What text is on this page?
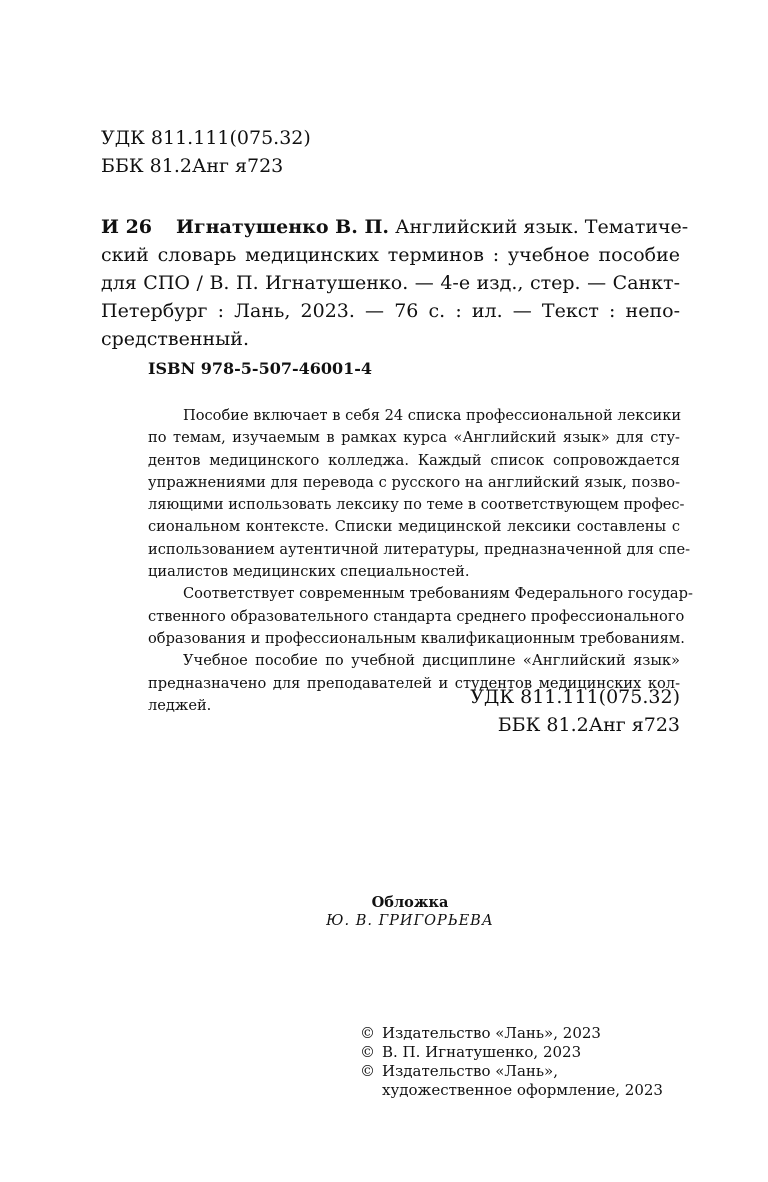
УДК 811.111(075.32)
ББК 81.2Анг я723
И 26 Игнатушенко В. П. Английский язык. Тематиче-
ский словарь медицинских терминов : учебное пособие
для СПО / В. П. Игнатушенко. — 4-е изд., стер. — Санкт-
Петербург : Лань, 2023. — 76 с. : ил. — Текст : непо-
средственный.
ISBN 978-5-507-46001-4
Пособие включает в себя 24 списка профессиональной лексики
по темам, изучаемым в рамках курса «Английский язык» для сту-
дентов медицинского колледжа. Каждый список сопровождается
упражнениями для перевода с русского на английский язык, позво-
ляющими использовать лексику по теме в соответствующем профес-
сиональном контексте. Списки медицинской лексики составлены с
использованием аутентичной литературы, предназначенной для спе-
циалистов медицинских специальностей.
Соответствует современным требованиям Федерального государ-
ственного образовательного стандарта среднего профессионального
образования и профессиональным квалификационным требованиям.
Учебное пособие по учебной дисциплине «Английский язык»
предназначено для преподавателей и студентов медицинских кол-
леджей.	УДК 811.111(075.32)
ББК 81.2Анг я723
Обложка
Ю. В. ГРИГОРЬЕВА
© Издательство «Лань», 2023
© В. П. Игнатушенко, 2023
© Издательство «Лань»,
художественное оформление, 2023
